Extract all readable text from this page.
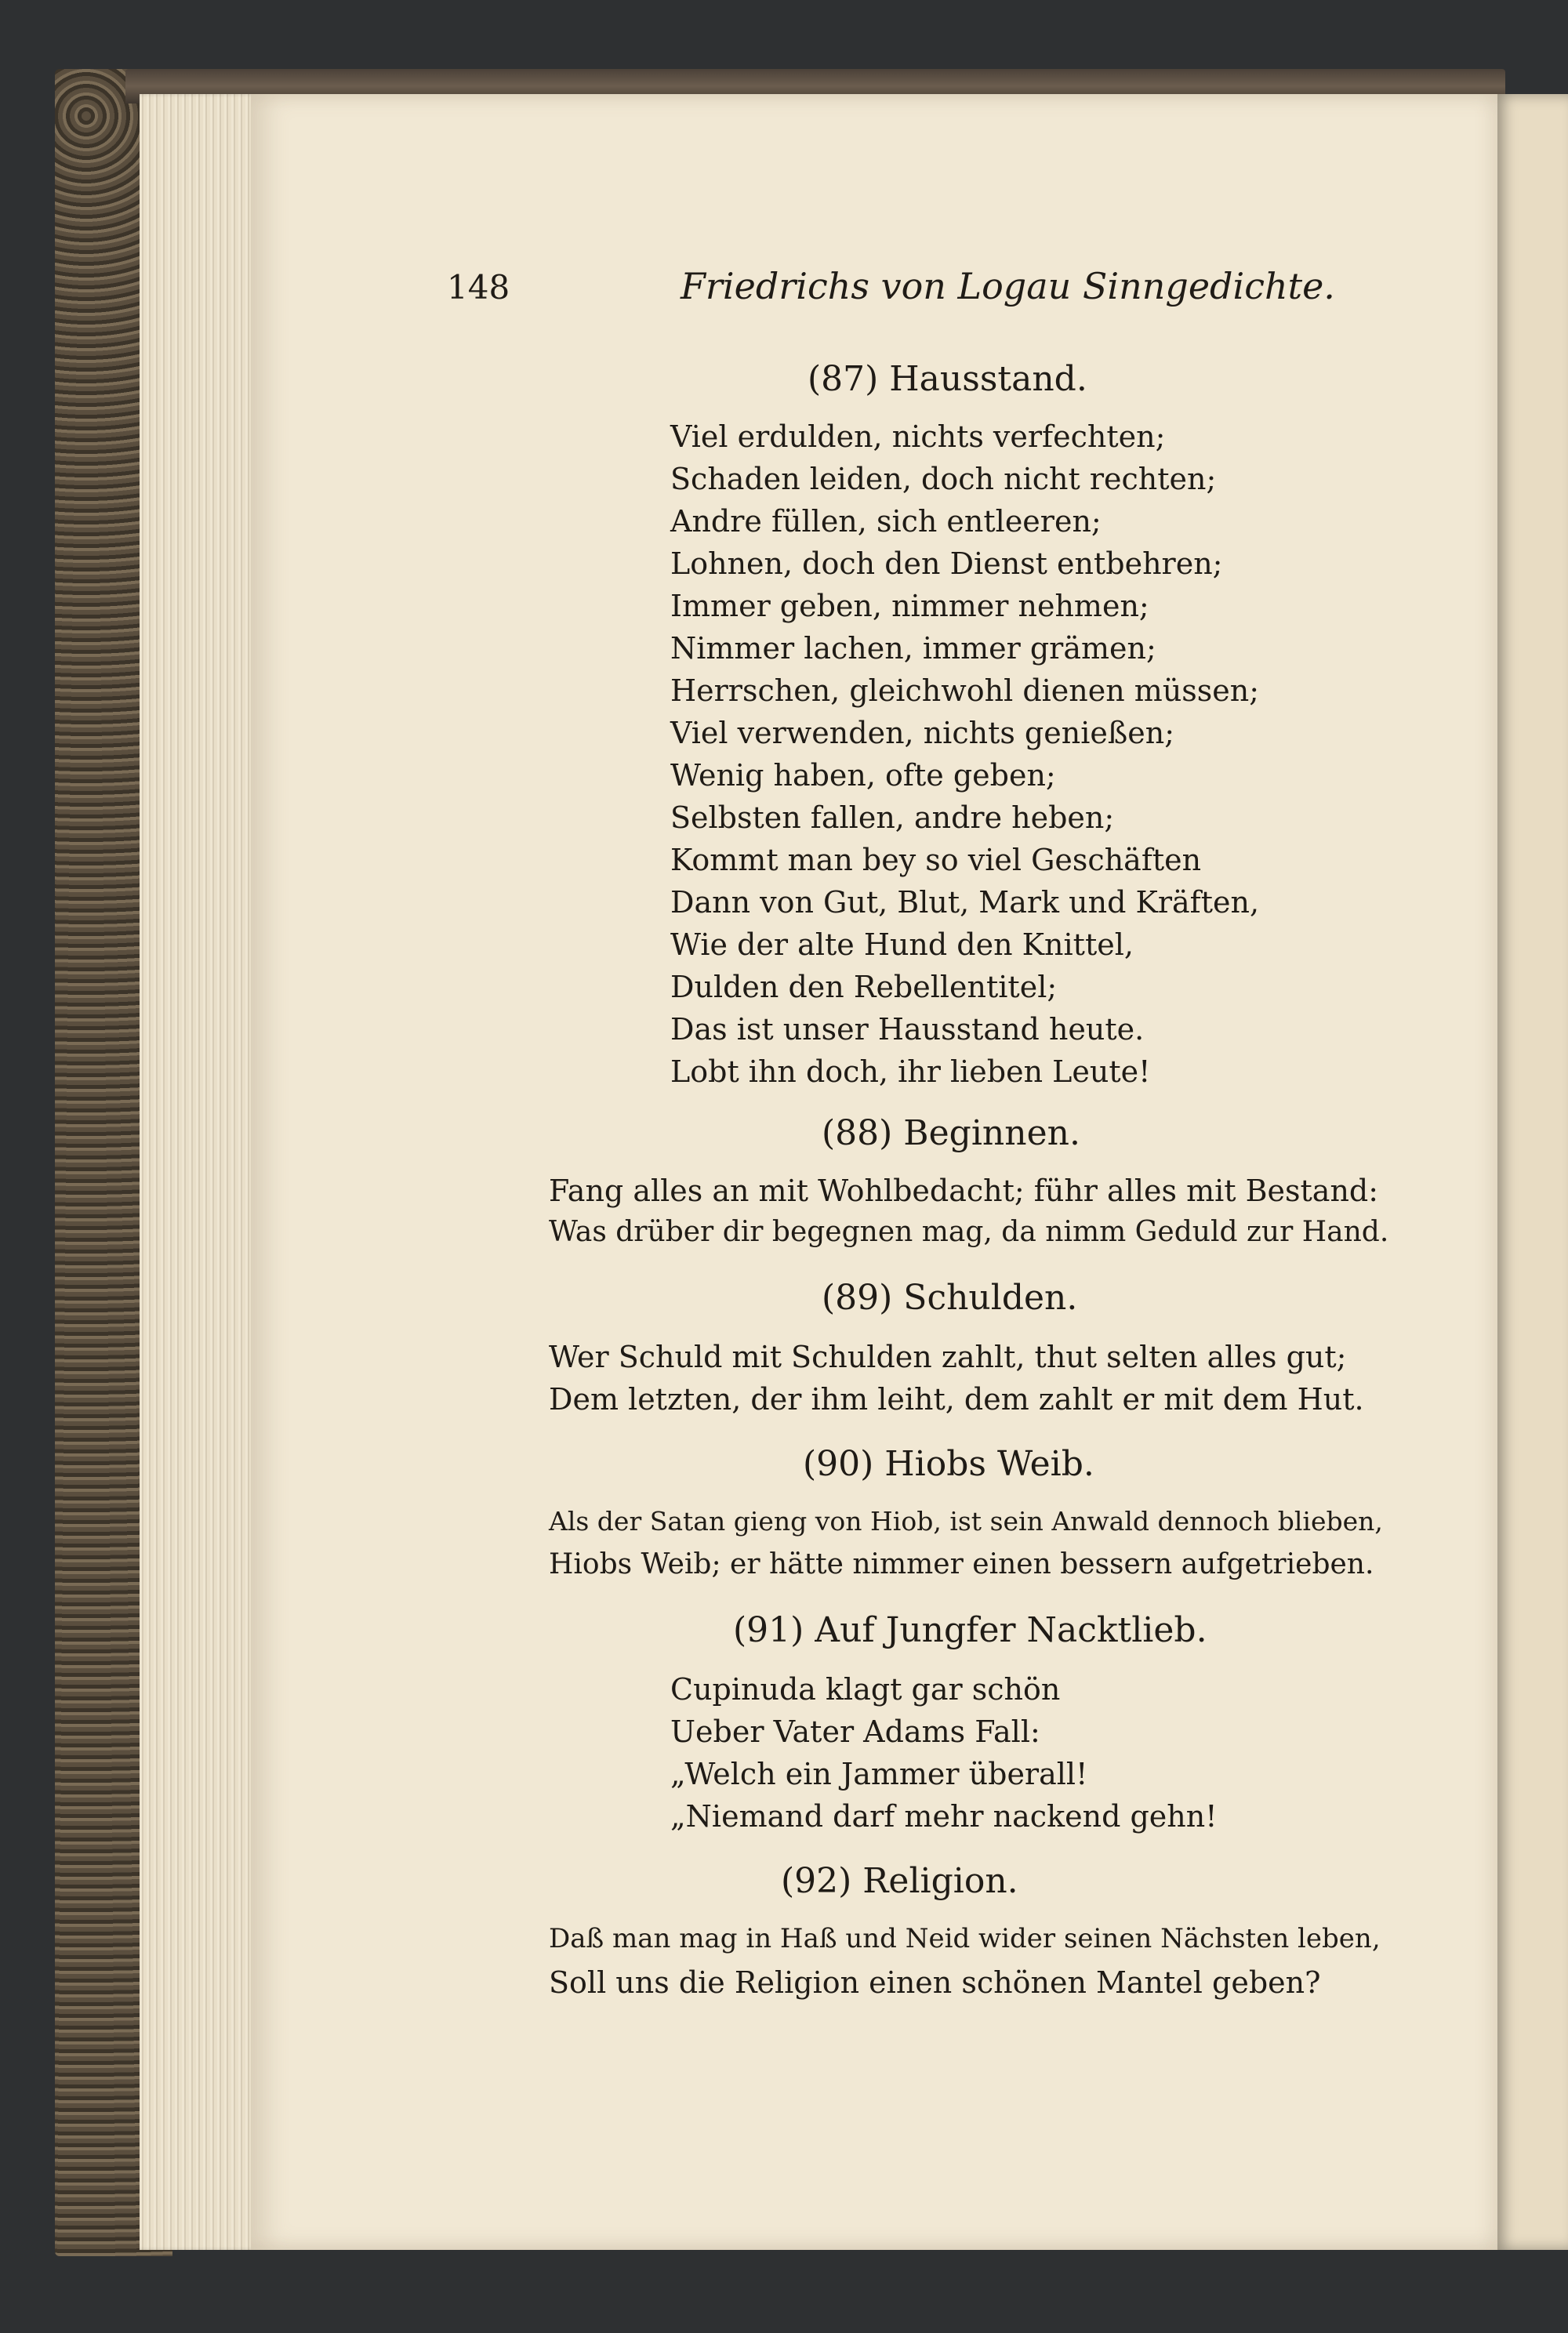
148	Friedrichs von Logau Sinngedichte.
(87) Hausstand.
Viel erdulden, nichts verfechten;
Schaden leiden, doch nicht rechten;
Andre füllen, sich entleeren;
Lohnen, doch den Dienst entbehren;
Immer geben, nimmer nehmen;
Nimmer lachen, immer grämen;
Herrschen, gleichwohl dienen müssen;
Viel verwenden, nichts genießen;
Wenig haben, ofte geben;
Selbsten fallen, andre heben;
Kommt man bey so viel Geschäften
Dann von Gut, Blut, Mark und Kräften,
Wie der alte Hund den Knittel,
Dulden den Rebellentitel;
Das ist unser Hausstand heute.
Lobt ihn doch, ihr lieben Leute!
(88) Beginnen.
Fang alles an mit Wohlbedacht; führ alles mit Bestand:
Was drüber dir begegnen mag, da nimm Geduld zur Hand.
(89) Schulden.
Wer Schuld mit Schulden zahlt, thut selten alles gut;
Dem letzten, der ihm leiht, dem zahlt er mit dem Hut.
(90) Hiobs Weib.
Als der Satan gieng von Hiob, ist sein Anwald dennoch blieben,
Hiobs Weib; er hätte nimmer einen bessern aufgetrieben.
(91) Auf Jungfer Nacktlieb.
Cupinuda klagt gar schön
Ueber Vater Adams Fall:
„Welch ein Jammer überall!
„Niemand darf mehr nackend gehn!
(92) Religion.
Daß man mag in Haß und Neid wider seinen Nächsten leben,
Soll uns die Religion einen schönen Mantel geben?
